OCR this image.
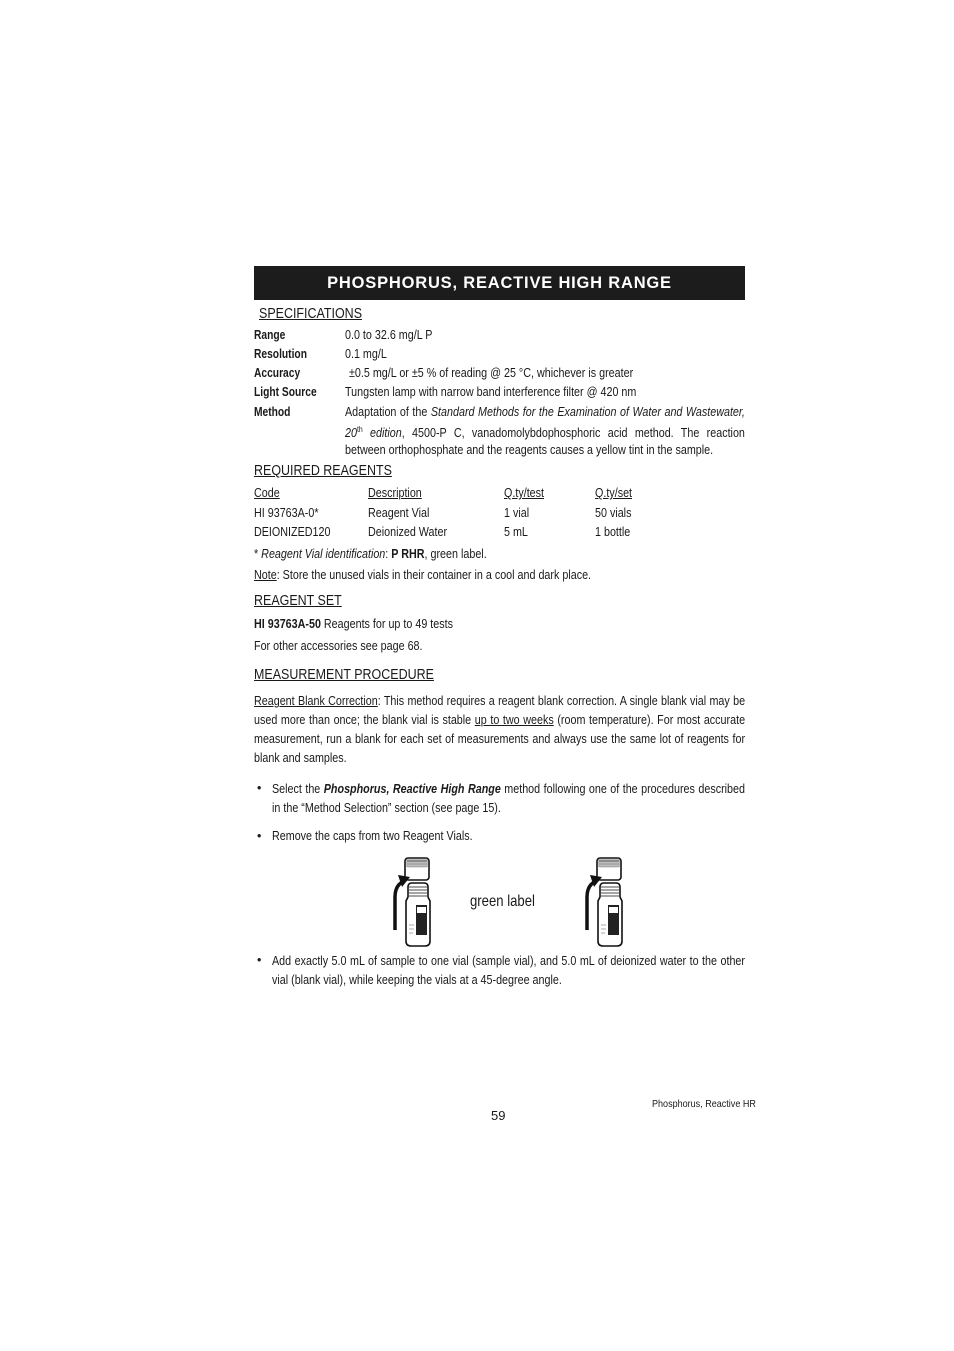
PHOSPHORUS, REACTIVE HIGH RANGE
SPECIFICATIONS
Range	0.0 to 32.6 mg/L P
Resolution	0.1 mg/L
Accuracy	±0.5 mg/L or ±5 % of reading @ 25 °C, whichever is greater
Light Source Tungsten lamp with narrow band interference filter @ 420 nm
Method	Adaptation of the Standard Methods for the Examination of Water and Wastewater, 20th edition, 4500-P C, vanadomolybdophosphoric acid method. The reaction between orthophosphate and the reagents causes a yellow tint in the sample.
REQUIRED REAGENTS
Code	Description	Q.ty/test	Q.ty/set
HI 93763A-0*	Reagent Vial	1 vial	50 vials
DEIONIZED120	Deionized Water	5 mL	1 bottle
* Reagent Vial identification: P RHR, green label.
Note: Store the unused vials in their container in a cool and dark place.
REAGENT SET
HI 93763A-50 Reagents for up to 49 tests
For other accessories see page 68.
MEASUREMENT PROCEDURE
Reagent Blank Correction: This method requires a reagent blank correction. A single blank vial may be used more than once; the blank vial is stable up to two weeks (room temperature). For most accurate measurement, run a blank for each set of measurements and always use the same lot of reagents for blank and samples.
• Select the Phosphorus, Reactive High Range method following one of the procedures described in the “Method Selection” section (see page 15).
• Remove the caps from two Reagent Vials.
green label
• Add exactly 5.0 mL of sample to one vial (sample vial), and 5.0 mL of deionized water to the other vial (blank vial), while keeping the vials at a 45-degree angle.
59
Phosphorus, Reactive HR
